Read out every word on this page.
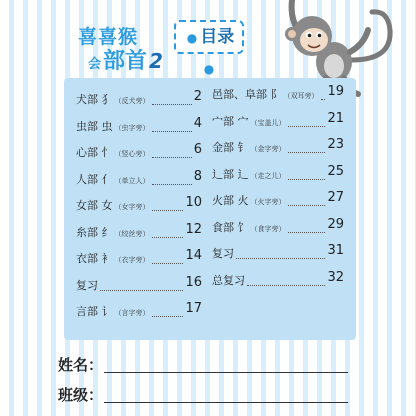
喜喜猴
会部首 2
● 目录●
犬部 犭 （反犬旁）	2
虫部 虫 （虫字旁）	4
心部 忄 （竖心旁）	6
人部 亻 （单立人）	8
女部 女 （女字旁）	10
糸部 纟 （绞丝旁）	12
衣部 衤 （衣字旁）	14
复习	16
言部 讠 （言字旁）	17
邑部、阜部 阝 （双耳旁） 19
宀部 宀 （宝盖儿）	21
金部 钅 （金字旁）	23
辶部 辶 （走之儿）	25
火部 火 （火字旁）	27
食部 饣 （食字旁）	29
复习	31
总复习	32
姓名：
班级：
